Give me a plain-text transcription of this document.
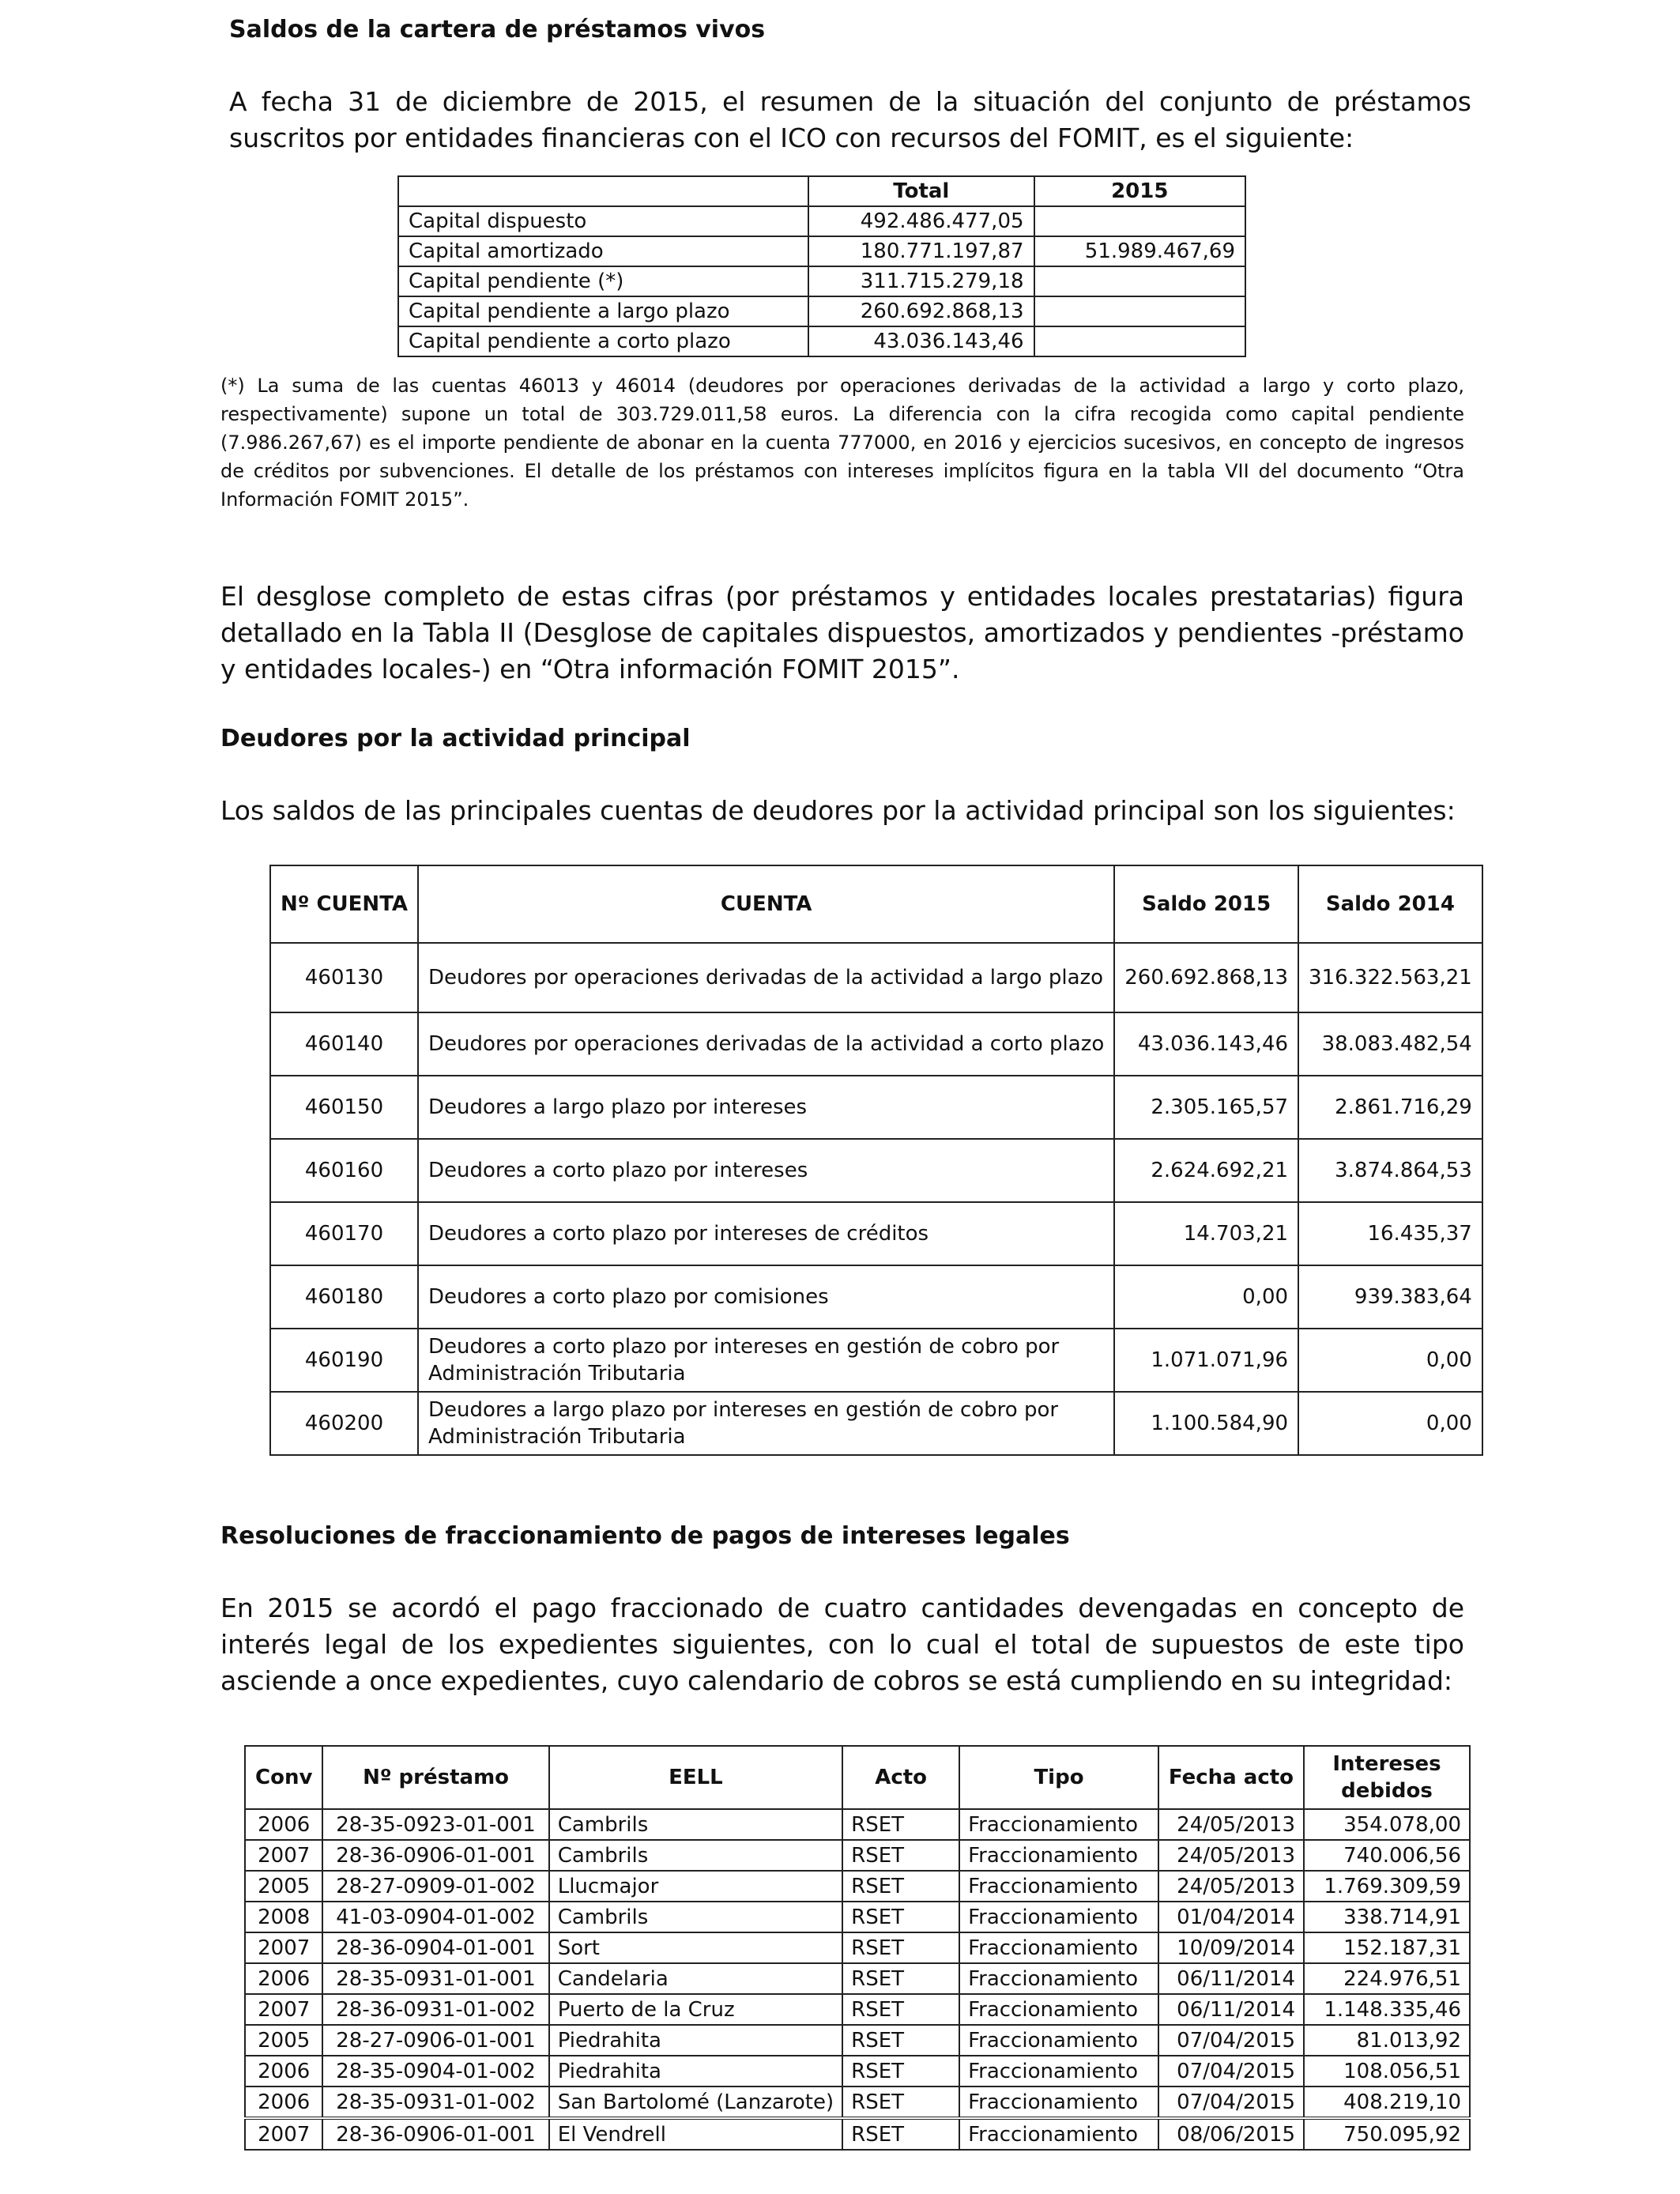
Saldos de la cartera de préstamos vivos
A fecha 31 de diciembre de 2015, el resumen de la situación del conjunto de préstamos suscritos por entidades financieras con el ICO con recursos del FOMIT, es el siguiente:
	Total	2015
Capital dispuesto	492.486.477,05	
Capital amortizado	180.771.197,87	51.989.467,69
Capital pendiente (*)	311.715.279,18	
Capital pendiente a largo plazo	260.692.868,13	
Capital pendiente a corto plazo	43.036.143,46	
(*) La suma de las cuentas 46013 y 46014 (deudores por operaciones derivadas de la actividad a largo y corto plazo, respectivamente) supone un total de 303.729.011,58 euros. La diferencia con la cifra recogida como capital pendiente (7.986.267,67) es el importe pendiente de abonar en la cuenta 777000, en 2016 y ejercicios sucesivos, en concepto de ingresos de créditos por subvenciones. El detalle de los préstamos con intereses implícitos figura en la tabla VII del documento “Otra Información FOMIT 2015”.
El desglose completo de estas cifras (por préstamos y entidades locales prestatarias) figura detallado en la Tabla II (Desglose de capitales dispuestos, amortizados y pendientes -préstamo y entidades locales-) en “Otra información FOMIT 2015”.
Deudores por la actividad principal
Los saldos de las principales cuentas de deudores por la actividad principal son los siguientes:
Nº CUENTA	CUENTA	Saldo 2015	Saldo 2014
460130	Deudores por operaciones derivadas de la actividad a largo plazo	260.692.868,13	316.322.563,21
460140	Deudores por operaciones derivadas de la actividad a corto plazo	43.036.143,46	38.083.482,54
460150	Deudores a largo plazo por intereses	2.305.165,57	2.861.716,29
460160	Deudores a corto plazo por intereses	2.624.692,21	3.874.864,53
460170	Deudores a corto plazo por intereses de créditos	14.703,21	16.435,37
460180	Deudores a corto plazo por comisiones	0,00	939.383,64
460190	Deudores a corto plazo por intereses en gestión de cobro por Administración Tributaria	1.071.071,96	0,00
460200	Deudores a largo plazo por intereses en gestión de cobro por Administración Tributaria	1.100.584,90	0,00
Resoluciones de fraccionamiento de pagos de intereses legales
En 2015 se acordó el pago fraccionado de cuatro cantidades devengadas en concepto de interés legal de los expedientes siguientes, con lo cual el total de supuestos de este tipo asciende a once expedientes, cuyo calendario de cobros se está cumpliendo en su integridad:
Conv	Nº préstamo	EELL	Acto	Tipo	Fecha acto	Intereses debidos
2006	28-35-0923-01-001	Cambrils	RSET	Fraccionamiento	24/05/2013	354.078,00
2007	28-36-0906-01-001	Cambrils	RSET	Fraccionamiento	24/05/2013	740.006,56
2005	28-27-0909-01-002	Llucmajor	RSET	Fraccionamiento	24/05/2013	1.769.309,59
2008	41-03-0904-01-002	Cambrils	RSET	Fraccionamiento	01/04/2014	338.714,91
2007	28-36-0904-01-001	Sort	RSET	Fraccionamiento	10/09/2014	152.187,31
2006	28-35-0931-01-001	Candelaria	RSET	Fraccionamiento	06/11/2014	224.976,51
2007	28-36-0931-01-002	Puerto de la Cruz	RSET	Fraccionamiento	06/11/2014	1.148.335,46
2005	28-27-0906-01-001	Piedrahita	RSET	Fraccionamiento	07/04/2015	81.013,92
2006	28-35-0904-01-002	Piedrahita	RSET	Fraccionamiento	07/04/2015	108.056,51
2006	28-35-0931-01-002	San Bartolomé (Lanzarote)	RSET	Fraccionamiento	07/04/2015	408.219,10
2007	28-36-0906-01-001	El Vendrell	RSET	Fraccionamiento	08/06/2015	750.095,92
